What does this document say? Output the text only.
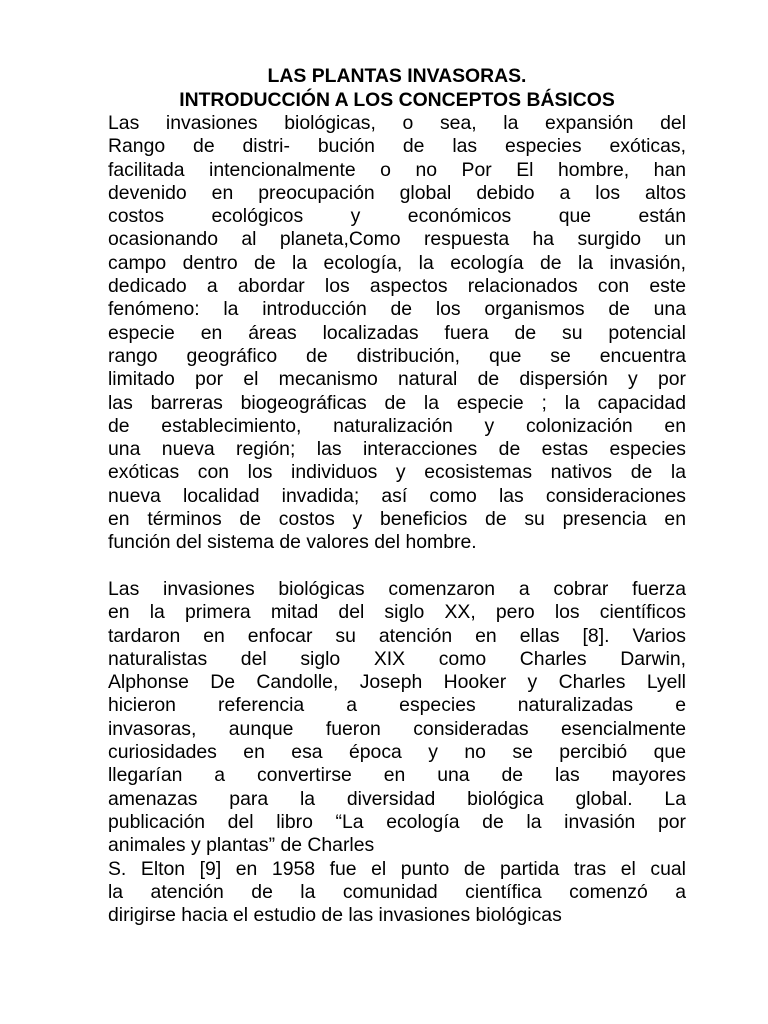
LAS PLANTAS INVASORAS.
INTRODUCCIÓN A LOS CONCEPTOS BÁSICOS
Las invasiones biológicas, o sea, la expansión del
Rango de distri- bución de las especies exóticas,
facilitada intencionalmente o no Por El hombre, han
devenido en preocupación global debido a los altos
costos ecológicos y económicos que están
ocasionando al planeta,Como respuesta ha surgido un
campo dentro de la ecología, la ecología de la invasión,
dedicado a abordar los aspectos relacionados con este
fenómeno: la introducción de los organismos de una
especie en áreas localizadas fuera de su potencial
rango geográfico de distribución, que se encuentra
limitado por el mecanismo natural de dispersión y por
las barreras biogeográficas de la especie ; la capacidad
de establecimiento, naturalización y colonización en
una nueva región; las interacciones de estas especies
exóticas con los individuos y ecosistemas nativos de la
nueva localidad invadida; así como las consideraciones
en términos de costos y beneficios de su presencia en
función del sistema de valores del hombre.
Las invasiones biológicas comenzaron a cobrar fuerza
en la primera mitad del siglo XX, pero los científicos
tardaron en enfocar su atención en ellas [8]. Varios
naturalistas del siglo XIX como Charles Darwin,
Alphonse De Candolle, Joseph Hooker y Charles Lyell
hicieron referencia a especies naturalizadas e
invasoras, aunque fueron consideradas esencialmente
curiosidades en esa época y no se percibió que
llegarían a convertirse en una de las mayores
amenazas para la diversidad biológica global. La
publicación del libro “La ecología de la invasión por
animales y plantas” de Charles
S. Elton [9] en 1958 fue el punto de partida tras el cual
la atención de la comunidad científica comenzó a
dirigirse hacia el estudio de las invasiones biológicas
